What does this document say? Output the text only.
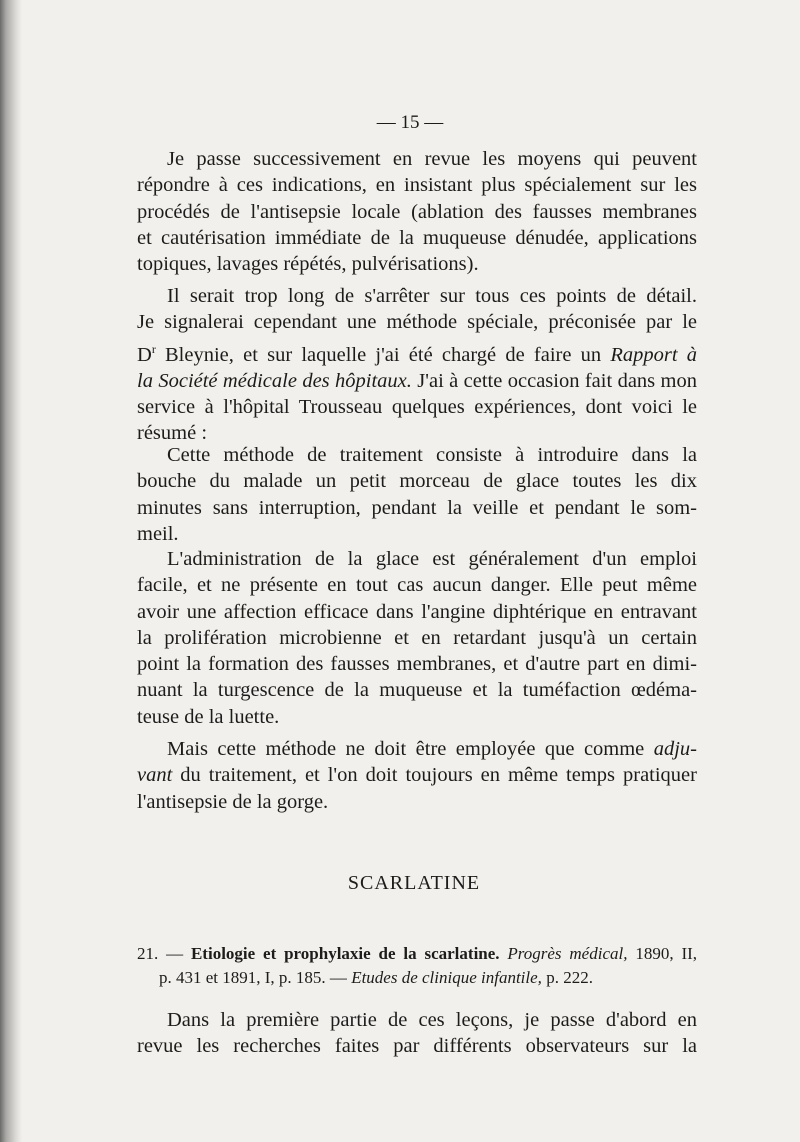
— 15 —

Je passe successivement en revue les moyens qui peuvent
répondre à ces indications, en insistant plus spécialement sur les
procédés de l'antisepsie locale (ablation des fausses membranes
et cautérisation immédiate de la muqueuse dénudée, applications
topiques, lavages répétés, pulvérisations).

Il serait trop long de s'arrêter sur tous ces points de détail.
Je signalerai cependant une méthode spéciale, préconisée par le
$D^r$ Bleynie, et sur laquelle j'ai été chargé de faire un Rapport à
la Société médicale des hôpitaux. J'ai à cette occasion fait dans mon
service à l'hôpital Trousseau quelques expériences, dont voici le
résumé :

Cette méthode de traitement consiste à introduire dans la
bouche du malade un petit morceau de glace toutes les dix
minutes sans interruption, pendant la veille et pendant le som-
meil.

L'administration de la glace est généralement d'un emploi
facile, et ne présente en tout cas aucun danger. Elle peut même
avoir une affection efficace dans l'angine diphtérique en entravant
la prolifération microbienne et en retardant jusqu'à un certain
point la formation des fausses membranes, et d'autre part en dimi-
nuant la turgescence de la muqueuse et la tuméfaction œdéma-
teuse de la luette.

Mais cette méthode ne doit être employée que comme adju-
vant du traitement, et l'on doit toujours en même temps pratiquer
l'antisepsie de la gorge.

SCARLATINE
21. — Etiologie et prophylaxie de la scarlatine. Progrès médical, 1890, II,
p. 431 et 1891, I, p. 185. — Etudes de clinique infantile, p. 222.

Dans la première partie de ces leçons, je passe d'abord en
revue les recherches faites par différents observateurs sur la
